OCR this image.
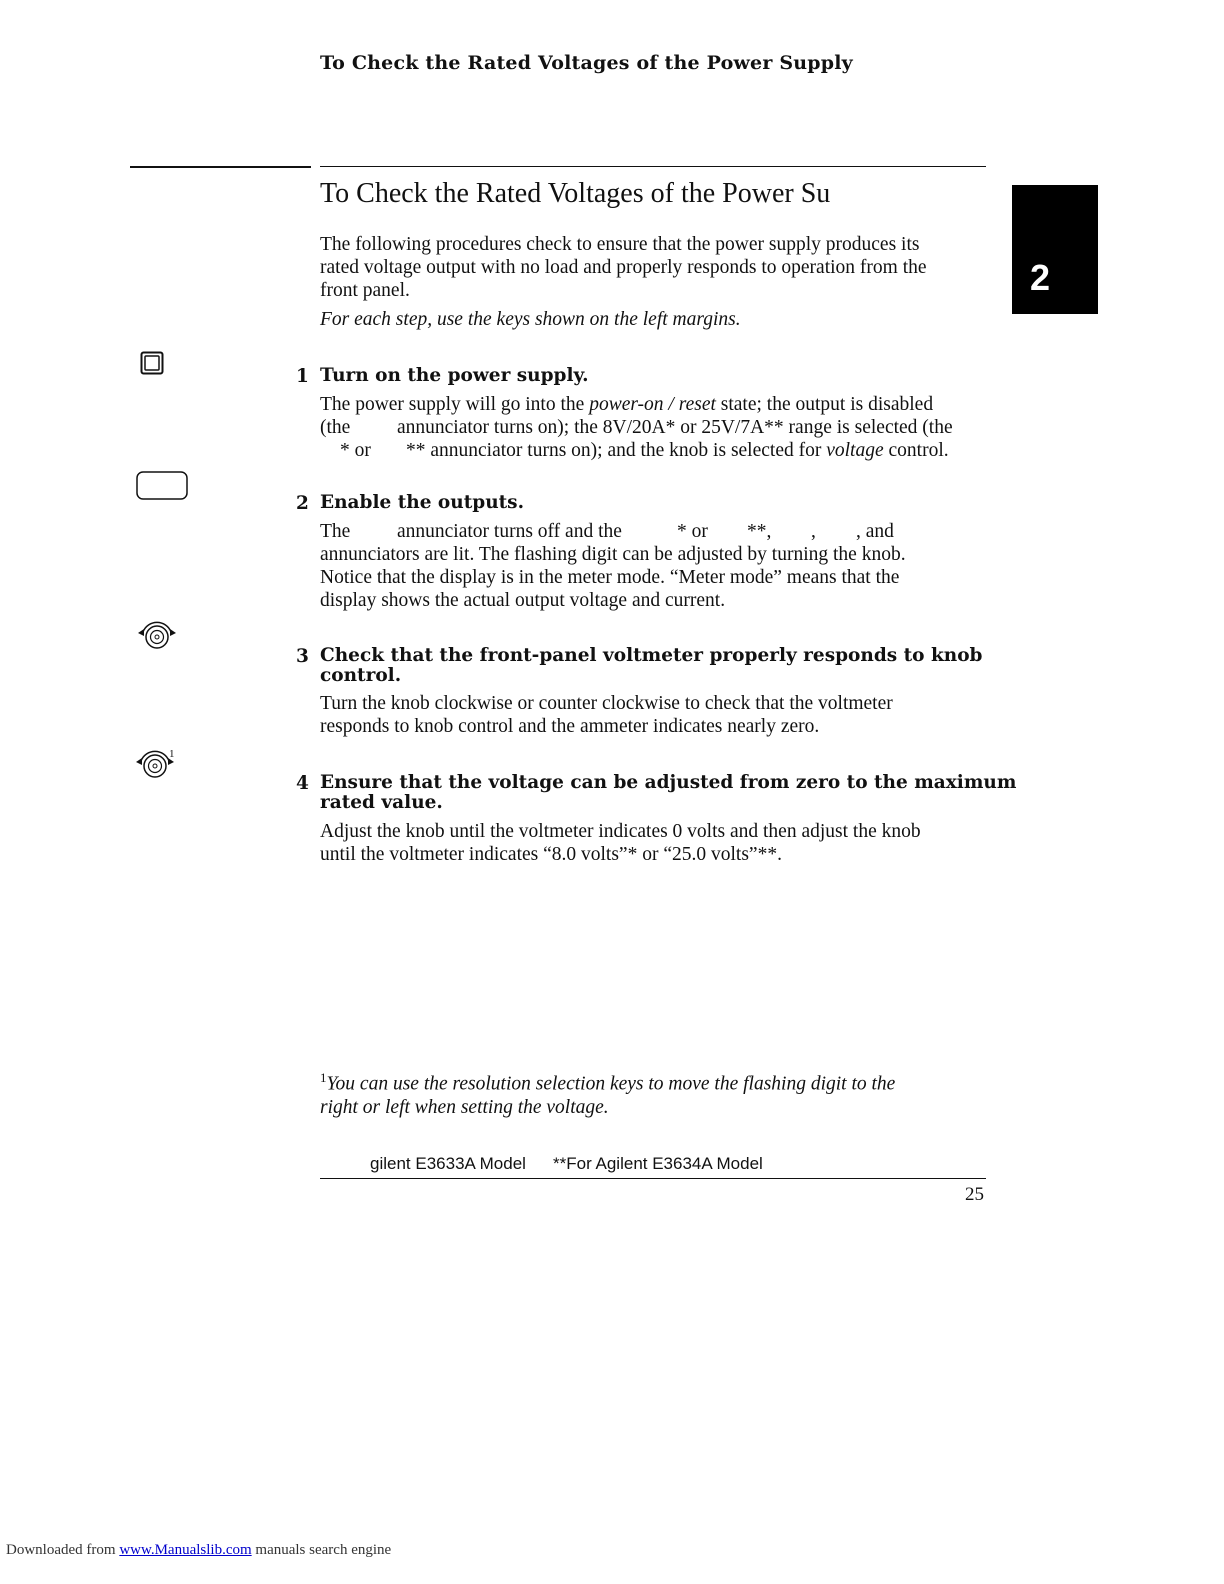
To Check the Rated Voltages of the Power Supply
To Check the Rated Voltages of the Power Su
2
The following procedures check to ensure that the power supply produces its
rated voltage output with no load and properly responds to operation from the
front panel.
For each step, use the keys shown on the left margins.
1 Turn on the power supply.
The power supply will go into the power-on / reset state; the output is disabled
(the annunciator turns on); the 8V/20A* or 25V/7A** range is selected (the
* or ** annunciator turns on); and the knob is selected for voltage control.
2 Enable the outputs.
The annunciator turns off and the	* or **, , , and
annunciators are lit. The flashing digit can be adjusted by turning the knob.
Notice that the display is in the meter mode. “Meter mode” means that the
display shows the actual output voltage and current.
3 Check that the front-panel voltmeter properly responds to knob
control.
Turn the knob clockwise or counter clockwise to check that the voltmeter
responds to knob control and the ammeter indicates nearly zero.
1
4 Ensure that the voltage can be adjusted from zero to the maximum
rated value.
Adjust the knob until the voltmeter indicates 0 volts and then adjust the knob
until the voltmeter indicates “8.0 volts”* or “25.0 volts”**.
$^1$You can use the resolution selection keys to move the flashing digit to the
right or left when setting the voltage.
gilent E3633A Model **For Agilent E3634A Model
25
Downloaded from www.Manualslib.com manuals search engine
